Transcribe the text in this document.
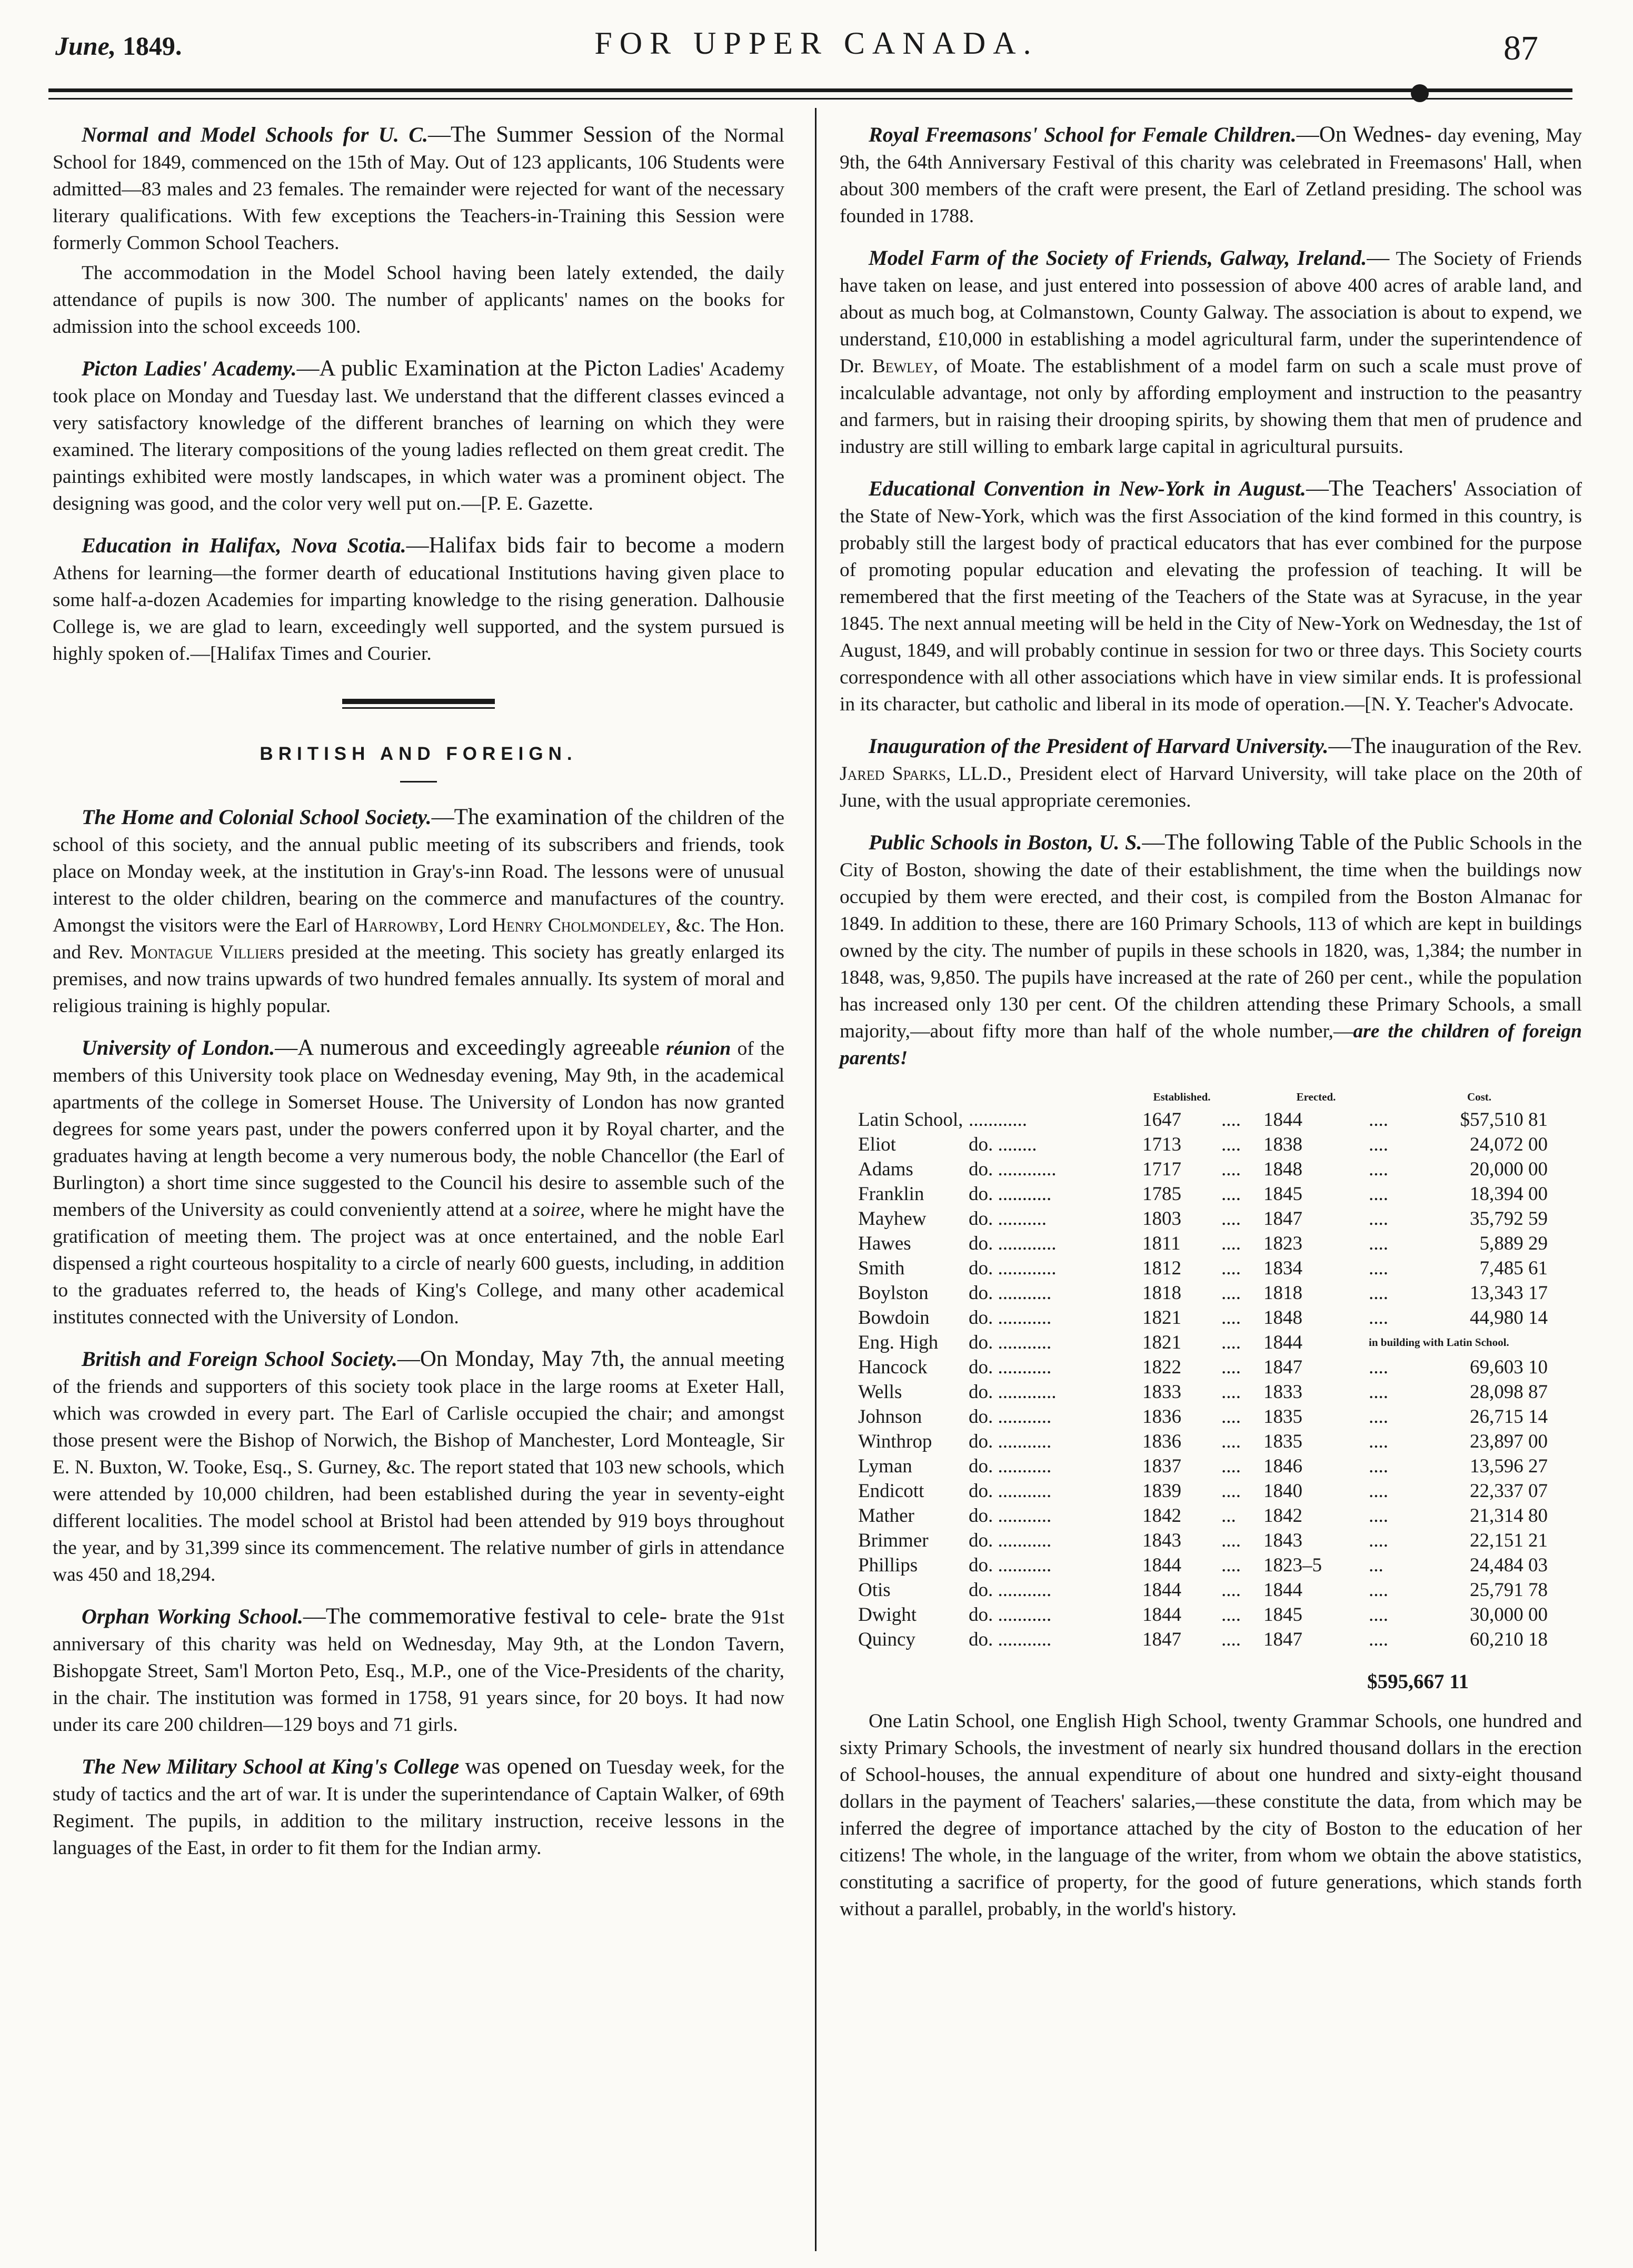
June, 1849.	FOR UPPER CANADA.	87

Normal and Model Schools for U. C.—The Summer Session of the Normal School for 1849, commenced on the 15th of May. Out of 123 applicants, 106 Students were admitted—83 males and 23 females. The remainder were rejected for want of the necessary literary qualifications. With few exceptions the Teachers-in-Training this Session were formerly Common School Teachers.

The accommodation in the Model School having been lately extended, the daily attendance of pupils is now 300. The number of applicants' names on the books for admission into the school exceeds 100.

Picton Ladies' Academy.—A public Examination at the Picton Ladies' Academy took place on Monday and Tuesday last. We understand that the different classes evinced a very satisfactory knowledge of the different branches of learning on which they were examined. The literary compositions of the young ladies reflected on them great credit. The paintings exhibited were mostly landscapes, in which water was a prominent object. The designing was good, and the color very well put on.—[P. E. Gazette.

Education in Halifax, Nova Scotia.—Halifax bids fair to become a modern Athens for learning—the former dearth of educational Institutions having given place to some half-a-dozen Academies for imparting knowledge to the rising generation. Dalhousie College is, we are glad to learn, exceedingly well supported, and the system pursued is highly spoken of.—[Halifax Times and Courier.

BRITISH AND FOREIGN.

The Home and Colonial School Society.—The examination of the children of the school of this society, and the annual public meeting of its subscribers and friends, took place on Monday week, at the institution in Gray's-inn Road. The lessons were of unusual interest to the older children, bearing on the commerce and manufactures of the country. Amongst the visitors were the Earl of Harrowby, Lord Henry Cholmondeley, &c. The Hon. and Rev. Montague Villiers presided at the meeting. This society has greatly enlarged its premises, and now trains upwards of two hundred females annually. Its system of moral and religious training is highly popular.

University of London.—A numerous and exceedingly agreeable réunion of the members of this University took place on Wednesday evening, May 9th, in the academical apartments of the college in Somerset House. The University of London has now granted degrees for some years past, under the powers conferred upon it by Royal charter, and the graduates having at length become a very numerous body, the noble Chancellor (the Earl of Burlington) a short time since suggested to the Council his desire to assemble such of the members of the University as could conveniently attend at a soiree, where he might have the gratification of meeting them. The project was at once entertained, and the noble Earl dispensed a right courteous hospitality to a circle of nearly 600 guests, including, in addition to the graduates referred to, the heads of King's College, and many other academical institutes connected with the University of London.

British and Foreign School Society.—On Monday, May 7th, the annual meeting of the friends and supporters of this society took place in the large rooms at Exeter Hall, which was crowded in every part. The Earl of Carlisle occupied the chair; and amongst those present were the Bishop of Norwich, the Bishop of Manchester, Lord Monteagle, Sir E. N. Buxton, W. Tooke, Esq., S. Gurney, &c. The report stated that 103 new schools, which were attended by 10,000 children, had been established during the year in seventy-eight different localities. The model school at Bristol had been attended by 919 boys throughout the year, and by 31,399 since its commencement. The relative number of girls in attendance was 450 and 18,294.

Orphan Working School.—The commemorative festival to cele- brate the 91st anniversary of this charity was held on Wednesday, May 9th, at the London Tavern, Bishopgate Street, Sam'l Morton Peto, Esq., M.P., one of the Vice-Presidents of the charity, in the chair. The institution was formed in 1758, 91 years since, for 20 boys. It had now under its care 200 children—129 boys and 71 girls.

The New Military School at King's College was opened on Tuesday week, for the study of tactics and the art of war. It is under the superintendance of Captain Walker, of 69th Regiment. The pupils, in addition to the military instruction, receive lessons in the languages of the East, in order to fit them for the Indian army.

Royal Freemasons' School for Female Children.—On Wednes- day evening, May 9th, the 64th Anniversary Festival of this charity was celebrated in Freemasons' Hall, when about 300 members of the craft were present, the Earl of Zetland presiding. The school was founded in 1788.

Model Farm of the Society of Friends, Galway, Ireland.— The Society of Friends have taken on lease, and just entered into possession of above 400 acres of arable land, and about as much bog, at Colmanstown, County Galway. The association is about to expend, we understand, £10,000 in establishing a model agricultural farm, under the superintendence of Dr. Bewley, of Moate. The establishment of a model farm on such a scale must prove of incalculable advantage, not only by affording employment and instruction to the peasantry and farmers, but in raising their drooping spirits, by showing them that men of prudence and industry are still willing to embark large capital in agricultural pursuits.

Educational Convention in New-York in August.—The Teachers' Association of the State of New-York, which was the first Association of the kind formed in this country, is probably still the largest body of practical educators that has ever combined for the purpose of promoting popular education and elevating the profession of teaching. It will be remembered that the first meeting of the Teachers of the State was at Syracuse, in the year 1845. The next annual meeting will be held in the City of New-York on Wednesday, the 1st of August, 1849, and will probably continue in session for two or three days. This Society courts correspondence with all other associations which have in view similar ends. It is professional in its character, but catholic and liberal in its mode of operation.—[N. Y. Teacher's Advocate.

Inauguration of the President of Harvard University.—The inauguration of the Rev. Jared Sparks, LL.D., President elect of Harvard University, will take place on the 20th of June, with the usual appropriate ceremonies.

Public Schools in Boston, U. S.—The following Table of the Public Schools in the City of Boston, showing the date of their establishment, the time when the buildings now occupied by them were erected, and their cost, is compiled from the Boston Almanac for 1849. In addition to these, there are 160 Primary Schools, 113 of which are kept in buildings owned by the city. The number of pupils in these schools in 1820, was, 1,384; the number in 1848, was, 9,850. The pupils have increased at the rate of 260 per cent., while the population has increased only 130 per cent. Of the children attending these Primary Schools, a small majority,—about fifty more than half of the whole number,—are the children of foreign parents!

		Established.		Erected.		Cost.
Latin School,	............	1647	....	1844	....	$57,510 81
Eliot	do. ........	1713	....	1838	....	24,072 00
Adams	do. ............	1717	....	1848	....	20,000 00
Franklin	do. ...........	1785	....	1845	....	18,394 00
Mayhew	do. ..........	1803	....	1847	....	35,792 59
Hawes	do. ............	1811	....	1823	....	5,889 29
Smith	do. ............	1812	....	1834	....	7,485 61
Boylston	do. ...........	1818	....	1818	....	13,343 17
Bowdoin	do. ...........	1821	....	1848	....	44,980 14
Eng. High	do. ...........	1821	....	1844	in building with Latin School.	
Hancock	do. ...........	1822	....	1847	....	69,603 10
Wells	do. ............	1833	....	1833	....	28,098 87
Johnson	do. ...........	1836	....	1835	....	26,715 14
Winthrop	do. ...........	1836	....	1835	....	23,897 00
Lyman	do. ...........	1837	....	1846	....	13,596 27
Endicott	do. ...........	1839	....	1840	....	22,337 07
Mather	do. ...........	1842	...	1842	....	21,314 80
Brimmer	do. ...........	1843	....	1843	....	22,151 21
Phillips	do. ...........	1844	....	1823–5	...	24,484 03
Otis	do. ...........	1844	....	1844	....	25,791 78
Dwight	do. ...........	1844	....	1845	....	30,000 00
Quincy	do. ...........	1847	....	1847	....	60,210 18
$595,667 11

One Latin School, one English High School, twenty Grammar Schools, one hundred and sixty Primary Schools, the investment of nearly six hundred thousand dollars in the erection of School-houses, the annual expenditure of about one hundred and sixty-eight thousand dollars in the payment of Teachers' salaries,—these constitute the data, from which may be inferred the degree of importance attached by the city of Boston to the education of her citizens! The whole, in the language of the writer, from whom we obtain the above statistics, constituting a sacrifice of property, for the good of future generations, which stands forth without a parallel, probably, in the world's history.
